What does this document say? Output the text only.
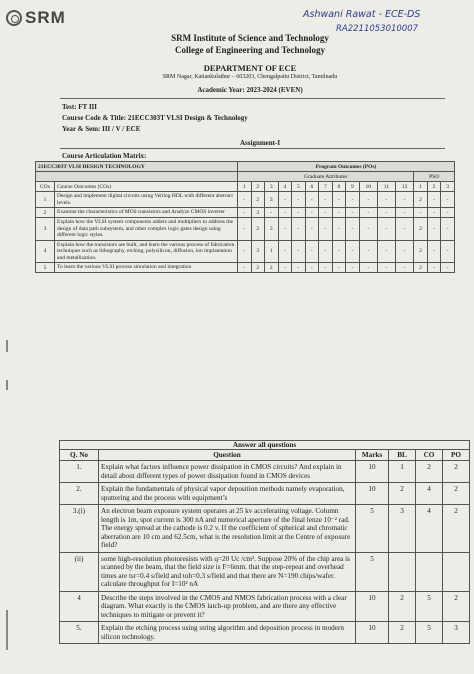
SRM	Ashwani Rawat - ECE-DS
RA2211053010007
SRM Institute of Science and Technology
College of Engineering and Technology
DEPARTMENT OF ECE
SRM Nagar, Kattankulathur – 603203, Chengalpattu District, Tamilnadu
Academic Year: 2023-2024 (EVEN)
Test: FT III
Course Code & Title: 21ECC303T VLSI Design & Technology
Year & Sem: III / V / ECE
Assignment-I
Course Articulation Matrix:
21ECC303T VLSI DESIGN TECHNOLOGY		Program Outcomes (POs)														
		Graduate Attributes												PSO		
COs	Course Outcomes (COs)	1	2	3	4	5	6	7	8	9	10	11	12	1	2	3
1	Design and implement digital circuits using Verilog HDL with different abstract levels.	-	2	3	-	-	-	-	-	-	-	-	-	2	-	-
2	Examine the characteristics of MOS transistors and Analyze CMOS inverter	-	3	-	-	-	-	-	-	-	-	-	-	-	-	-
3	Explain how the VLSI system components adders and multipliers to address the design of data path subsystem, and other complex logic gates design using different logic styles.	-	2	3	-	-	-	-	-	-	-	-	-	2	-	-
4	Explain how the transistors are built, and learn the various process of fabrication techniques such as lithography, etching, polysilicon, diffusion, ion implantation and metallization.	-	3	1	-	-	-	-	-	-	-	-	-	2	-	-
5	To learn the various VLSI process simulation and integration	-	2	2	-	-	-	-	-	-	-	-	-	2	-	-
Answer all questions					
Q. No	Question	Marks	BL	CO	PO
1.	Explain what factors influence power dissipation in CMOS circuits? And explain in detail about different types of power dissipation found in CMOS devices	10	1	2	2
2.	Explain the fundamentals of physical vapor deposition methods namely evaporation, sputtering and the process with equipment’s	10	2	4	2
3.(i)	An electron beam exposure system operates at 25 kv accelerating voltage. Column length is 1m, spot current is 300 nA and numerical aperture of the final lenze 10⁻² rad. The energy spread at the cathode is 0.2 v. If the coefficient of spherical and chromatic aberration are 10 cm and 62.5cm, what is the resolution limit at the Centre of exposure field?	5	3	4	2
(ii)	some high-resolution photoresists with q=20 Uc /cm². Suppose 20% of the chip area is scanned by the beam, that the field size is F=6mm. that the step-repeat and overhead times are tsr=0.4 s/field and toh=0.3 s/field and that there are N=190 chips/wafer. calculate throughput for I=10² nA	5			
4	Describe the steps involved in the CMOS and NMOS fabrication process with a clear diagram. What exactly is the CMOS latch-up problem, and are there any effective techniques to mitigate or prevent it?	10	2	5	2
5.	Explain the etching process using string algorithm and deposition process in modern silicon technology.	10	2	5	3
